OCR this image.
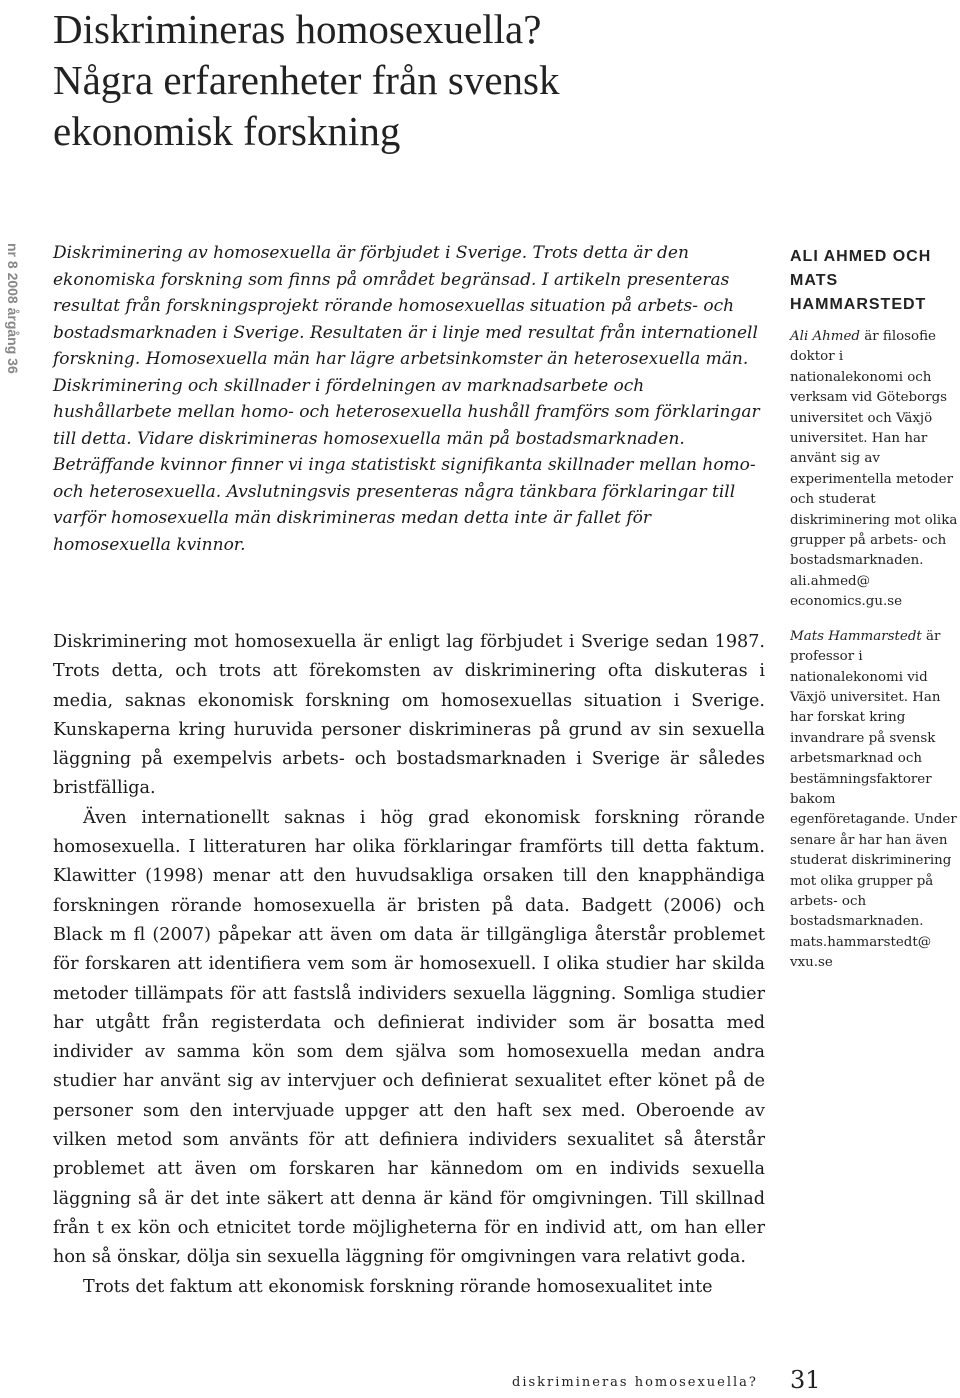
Diskrimineras homosexuella?
Några erfarenheter från svensk
ekonomisk forskning
nr 8 2008 årgång 36 Diskriminering av homosexuella är förbjudet i Sverige. Trots detta är den ekonomiska forskning som finns på området begränsad. I artikeln presenteras resultat från forskningsprojekt rörande homosexuellas situation på arbets- och bostadsmarknaden i Sverige. Resultaten är i linje med resultat från internationell forskning. Homosexuella män har lägre arbetsinkomster än heterosexuella män. Diskriminering och skillnader i fördelningen av marknadsarbete och hushållarbete mellan homo- och heterosexuella hushåll framförs som förklaringar till detta. Vidare diskrimineras homosexuella män på bostadsmarknaden. Beträffande kvinnor finner vi inga statistiskt signifikanta skillnader mellan homo- och heterosexuella. Avslutningsvis presenteras några tänkbara förklaringar till varför homosexuella män diskrimineras medan detta inte är fallet för homosexuella kvinnor.

Diskriminering mot homosexuella är enligt lag förbjudet i Sverige sedan 1987. Trots detta, och trots att förekomsten av diskriminering ofta diskuteras i media, saknas ekonomisk forskning om homosexuellas situation i Sverige. Kunskaperna kring huruvida personer diskrimineras på grund av sin sexuella läggning på exempelvis arbets- och bostadsmarknaden i Sverige är således bristfälliga.

Även internationellt saknas i hög grad ekonomisk forskning rörande homosexuella. I litteraturen har olika förklaringar framförts till detta faktum. Klawitter (1998) menar att den huvudsakliga orsaken till den knapphändiga forskningen rörande homosexuella är bristen på data. Badgett (2006) och Black m fl (2007) påpekar att även om data är tillgängliga återstår problemet för forskaren att identifiera vem som är homosexuell. I olika studier har skilda metoder tillämpats för att fastslå individers sexuella läggning. Somliga studier har utgått från registerdata och definierat individer som är bosatta med individer av samma kön som dem själva som homosexuella medan andra studier har använt sig av intervjuer och definierat sexualitet efter könet på de personer som den intervjuade uppger att den haft sex med. Oberoende av vilken metod som använts för att definiera individers sexualitet så återstår problemet att även om forskaren har kännedom om en individs sexuella läggning så är det inte säkert att denna är känd för omgivningen. Till skillnad från t ex kön och etnicitet torde möjligheterna för en individ att, om han eller hon så önskar, dölja sin sexuella läggning för omgivningen vara relativt goda.

Trots det faktum att ekonomisk forskning rörande homosexualitet inte

ALI AHMED OCH MATS HAMMARSTEDT

Ali Ahmed är filosofie doktor i nationalekonomi och verksam vid Göteborgs universitet och Växjö universitet. Han har använt sig av experimentella metoder och studerat diskriminering mot olika grupper på arbets- och bostadsmarknaden. ali.ahmed@ economics.gu.se

Mats Hammarstedt är professor i nationalekonomi vid Växjö universitet. Han har forskat kring invandrare på svensk arbetsmarknad och bestämningsfaktorer bakom egenföretagande. Under senare år har han även studerat diskriminering mot olika grupper på arbets- och bostadsmarknaden. mats.hammarstedt@ vxu.se

diskrimineras homosexuella? 31
